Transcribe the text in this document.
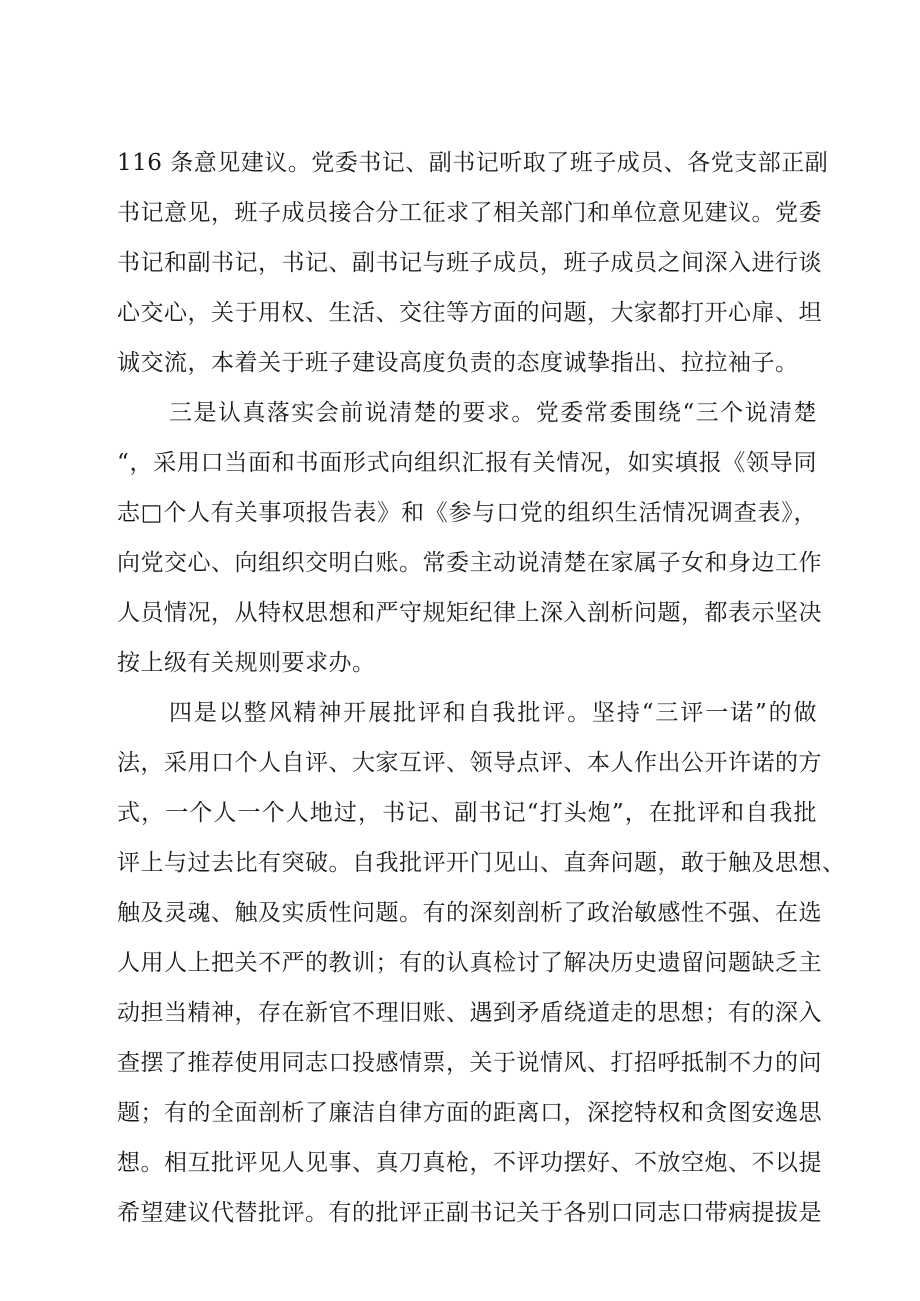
116 条意见建议。党委书记、副书记听取了班子成员、各党支部正副
书记意见，班子成员接合分工征求了相关部门和单位意见建议。党委
书记和副书记，书记、副书记与班子成员，班子成员之间深入进行谈
心交心，关于用权、生活、交往等方面的问题，大家都打开心扉、坦
诚交流，本着关于班子建设高度负责的态度诚挚指出、拉拉袖子。
三是认真落实会前说清楚的要求。党委常委围绕“三个说清楚
“，采用口当面和书面形式向组织汇报有关情况，如实填报《领导同
志□个人有关事项报告表》和《参与口党的组织生活情况调查表》，
向党交心、向组织交明白账。常委主动说清楚在家属子女和身边工作
人员情况，从特权思想和严守规矩纪律上深入剖析问题，都表示坚决
按上级有关规则要求办。
四是以整风精神开展批评和自我批评。坚持“三评一诺”的做
法，采用口个人自评、大家互评、领导点评、本人作出公开许诺的方
式，一个人一个人地过，书记、副书记“打头炮”，在批评和自我批
评上与过去比有突破。自我批评开门见山、直奔问题，敢于触及思想、
触及灵魂、触及实质性问题。有的深刻剖析了政治敏感性不强、在选
人用人上把关不严的教训；有的认真检讨了解决历史遗留问题缺乏主
动担当精神，存在新官不理旧账、遇到矛盾绕道走的思想；有的深入
查摆了推荐使用同志口投感情票，关于说情风、打招呼抵制不力的问
题；有的全面剖析了廉洁自律方面的距离口，深挖特权和贪图安逸思
想。相互批评见人见事、真刀真枪，不评功摆好、不放空炮、不以提
希望建议代替批评。有的批评正副书记关于各别口同志口带病提拔是
